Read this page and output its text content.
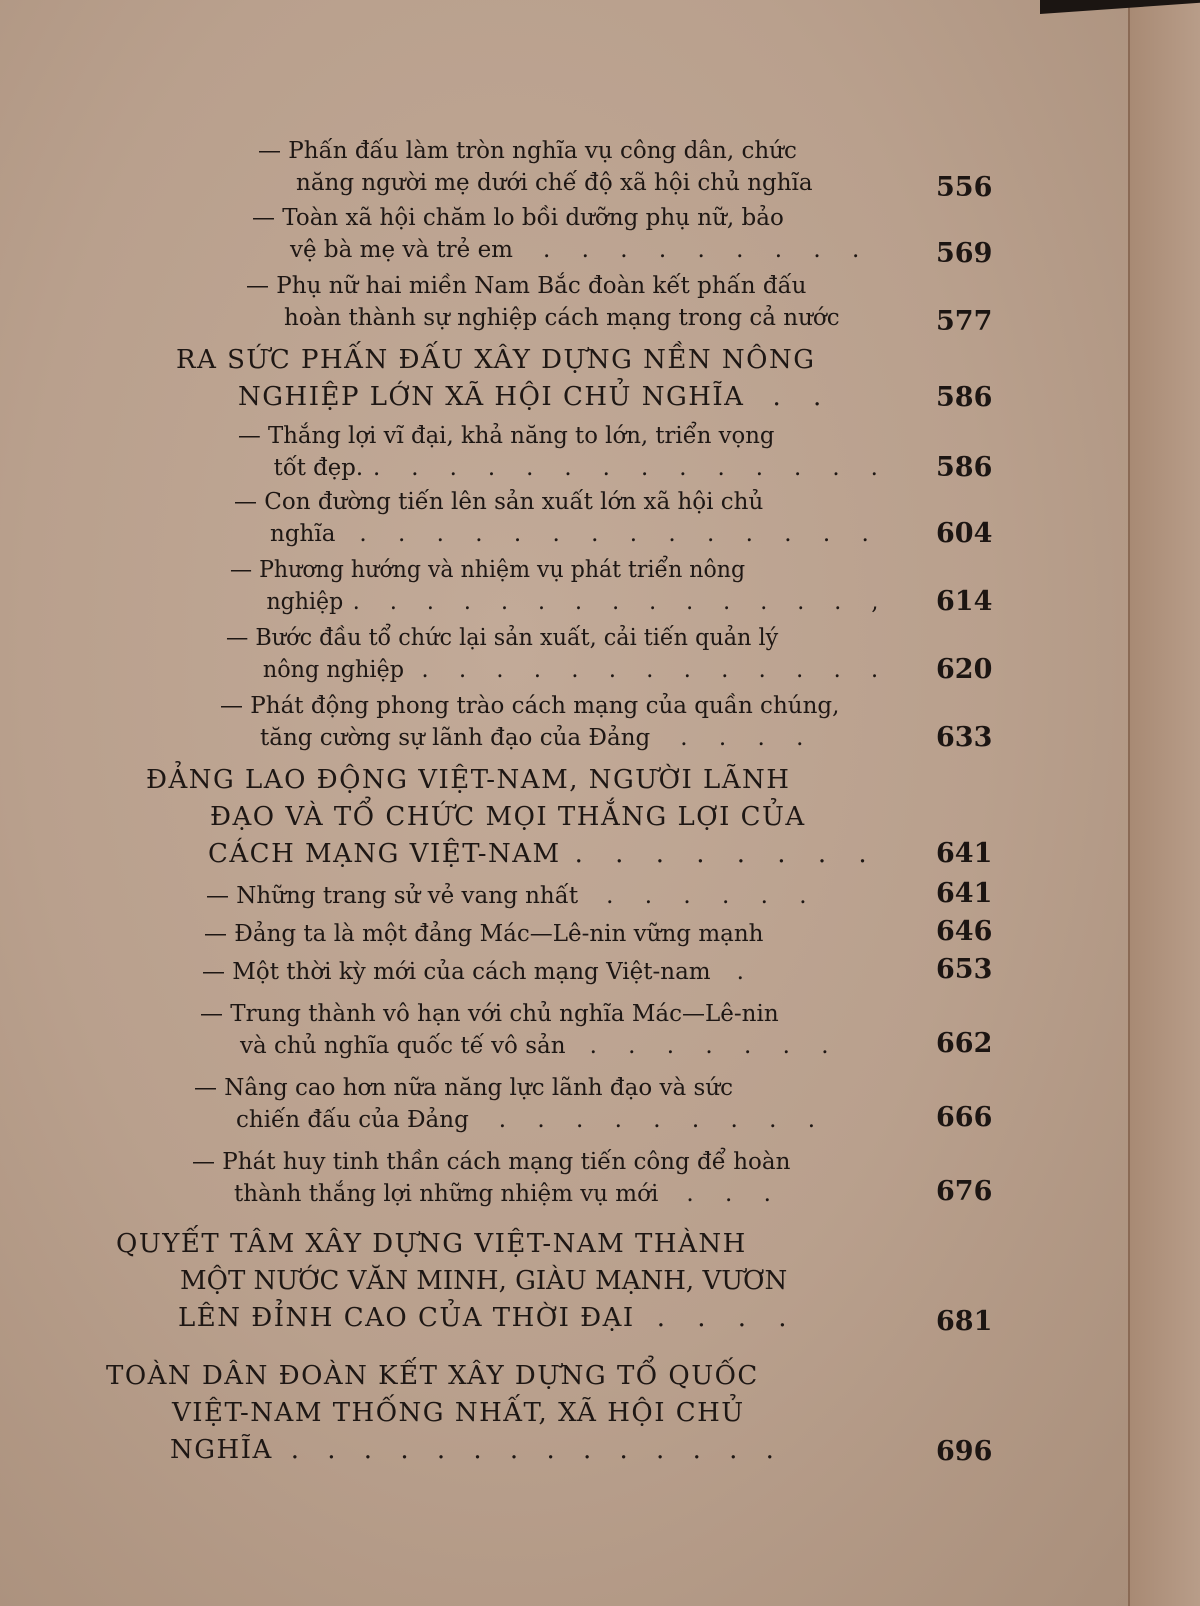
— Phấn đấu làm tròn nghĩa vụ công dân, chức
năng người mẹ dưới chế độ xã hội chủ nghĩa	556
— Toàn xã hội chăm lo bồi dưỡng phụ nữ, bảo
vệ bà mẹ và trẻ em . . . . . . . . . 569
— Phụ nữ hai miền Nam Bắc đoàn kết phấn đấu
hoàn thành sự nghiệp cách mạng trong cả nước	577
RA SỨC PHẤN ĐẤU XÂY DỰNG NỀN NÔNG
NGHIỆP LỚN XÃ HỘI CHỦ NGHĨA . .	586
— Thắng lợi vĩ đại, khả năng to lớn, triển vọng
tốt đẹp. . . . . . . . . . . . . . . 586
— Con đường tiến lên sản xuất lớn xã hội chủ
nghĩa . . . . . . . . . . . . . . 604
— Phương hướng và nhiệm vụ phát triển nông
nghiệp . . . . . . . . . . . . . . , 614
— Bước đầu tổ chức lại sản xuất, cải tiến quản lý
nông nghiệp . . . . . . . . . . . . . 620
— Phát động phong trào cách mạng của quần chúng,
tăng cường sự lãnh đạo của Đảng . . . .	633
ĐẢNG LAO ĐỘNG VIỆT-NAM, NGƯỜI LÃNH
ĐẠO VÀ TỔ CHỨC MỌI THẮNG LỢI CỦA
CÁCH MẠNG VIỆT-NAM . . . . . . . . 641
— Những trang sử vẻ vang nhất . . . . . .	641
— Đảng ta là một đảng Mác—Lê-nin vững mạnh	646
— Một thời kỳ mới của cách mạng Việt-nam .	653
— Trung thành vô hạn với chủ nghĩa Mác—Lê-nin
và chủ nghĩa quốc tế vô sản . . . . . . .	662
— Nâng cao hơn nữa năng lực lãnh đạo và sức
chiến đấu của Đảng . . . . . . . . .	666
— Phát huy tinh thần cách mạng tiến công để hoàn
thành thắng lợi những nhiệm vụ mới . . .	676
QUYẾT TÂM XÂY DỰNG VIỆT-NAM THÀNH
MỘT NƯỚC VĂN MINH, GIÀU MẠNH, VƯƠN
LÊN ĐỈNH CAO CỦA THỜI ĐẠI . . . .	681
TOÀN DÂN ĐOÀN KẾT XÂY DỰNG TỔ QUỐC
VIỆT-NAM THỐNG NHẤT, XÃ HỘI CHỦ
NGHĨA . . . . . . . . . . . . . .	696
